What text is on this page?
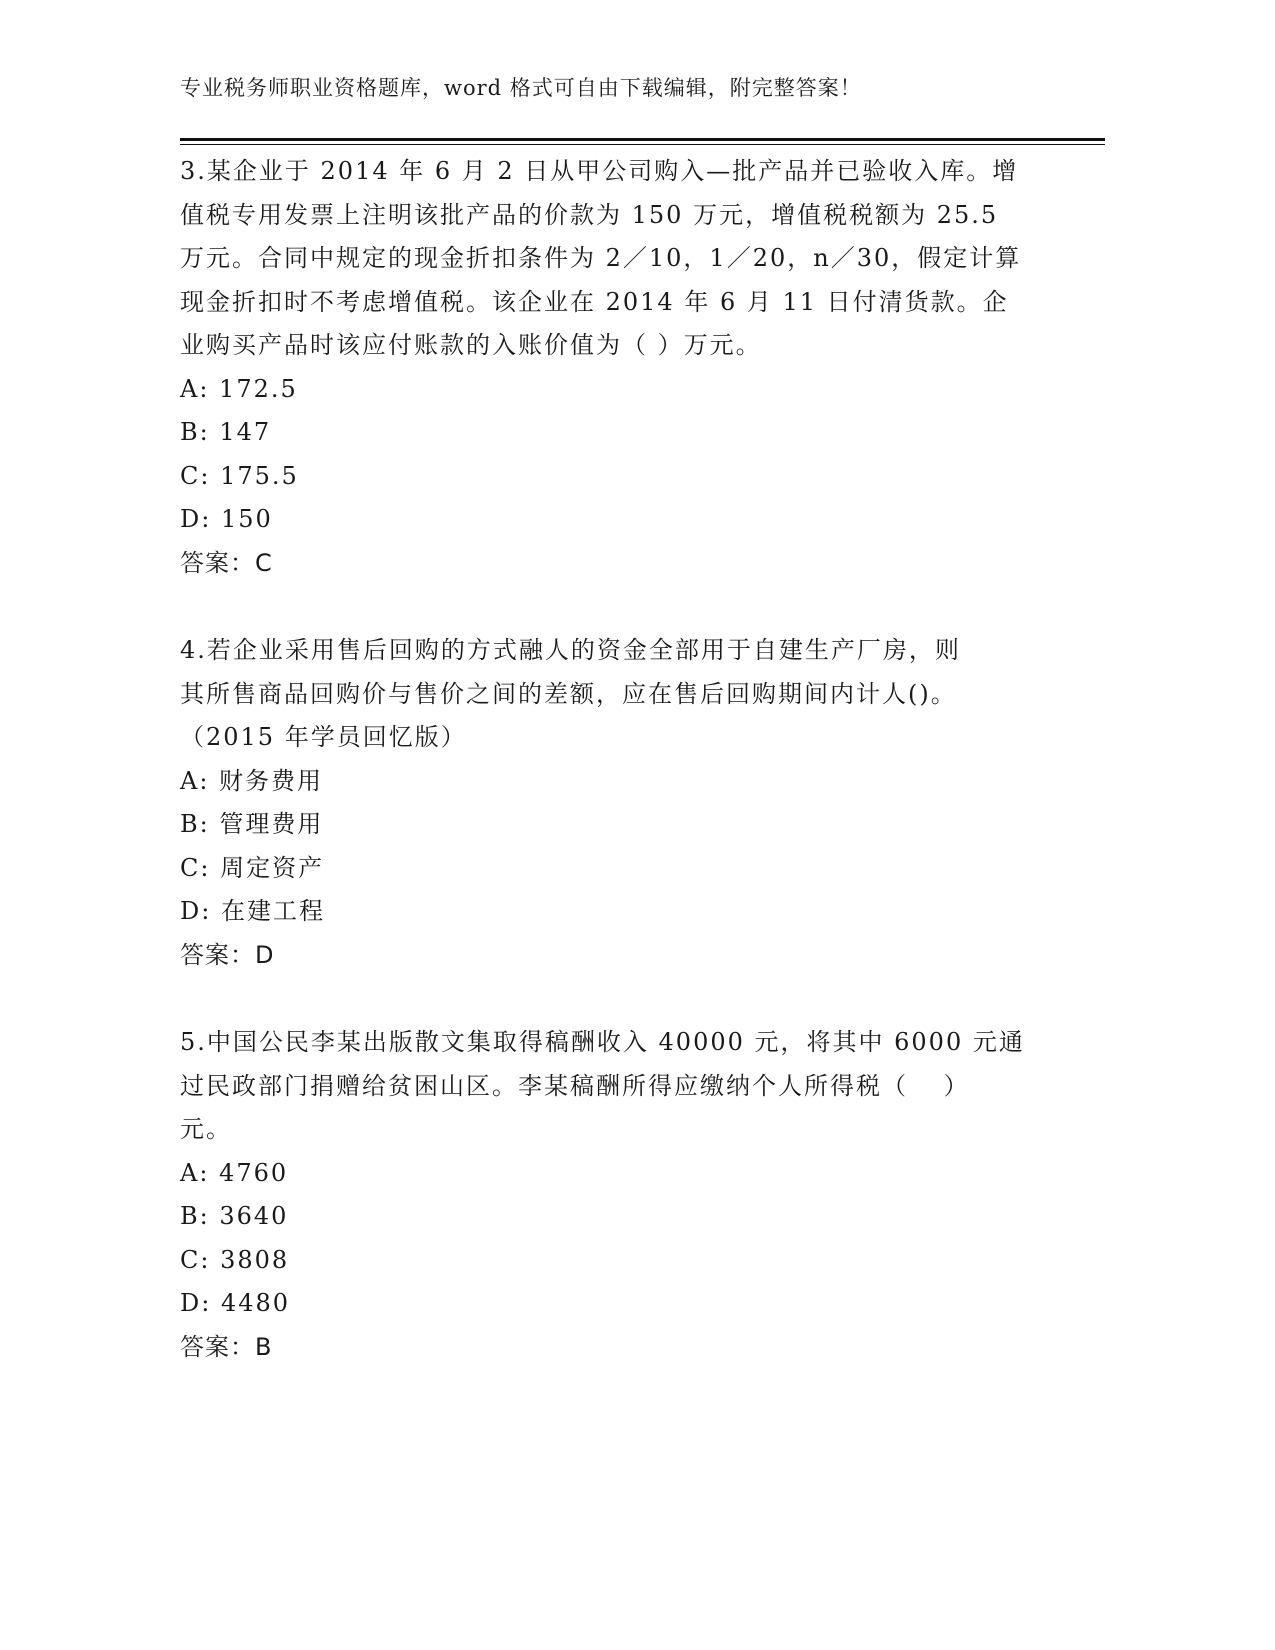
专业税务师职业资格题库，word 格式可自由下载编辑，附完整答案！
3.某企业于 2014 年 6 月 2 日从甲公司购入—批产品并已验收入库。增
值税专用发票上注明该批产品的价款为 150 万元，增值税税额为 25.5
万元。合同中规定的现金折扣条件为 2／10，1／20，n／30，假定计算
现金折扣时不考虑增值税。该企业在 2014 年 6 月 11 日付清货款。企
业购买产品时该应付账款的入账价值为（ ）万元。
A: 172.5
B: 147
C: 175.5
D: 150
答案：C
4.若企业采用售后回购的方式融人的资金全部用于自建生产厂房，则
其所售商品回购价与售价之间的差额，应在售后回购期间内计人()。
（2015 年学员回忆版）
A: 财务费用
B: 管理费用
C: 周定资产
D: 在建工程
答案：D
5.中国公民李某出版散文集取得稿酬收入 40000 元，将其中 6000 元通
过民政部门捐赠给贫困山区。李某稿酬所得应缴纳个人所得税（　 ）
元。
A: 4760
B: 3640
C: 3808
D: 4480
答案：B
